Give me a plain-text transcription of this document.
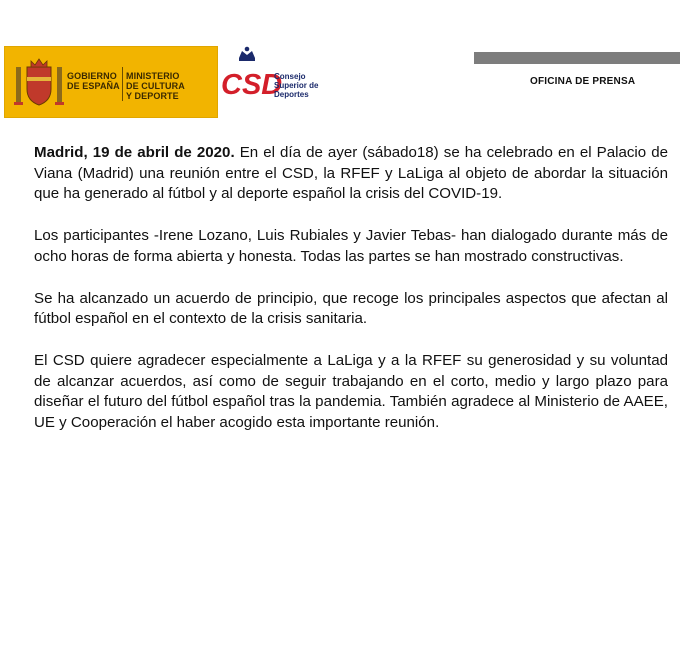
GOBIERNO
DE ESPAÑA
MINISTERIO
DE CULTURA
Y DEPORTE CSD
Consejo
Superior de
Deportes
OFICINA DE PRENSA

Madrid, 19 de abril de 2020. En el día de ayer (sábado18) se ha celebrado en el Palacio de Viana (Madrid) una reunión entre el CSD, la RFEF y LaLiga al objeto de abordar la situación que ha generado al fútbol y al deporte español la crisis del COVID-19.

Los participantes -Irene Lozano, Luis Rubiales y Javier Tebas- han dialogado durante más de ocho horas de forma abierta y honesta. Todas las partes se han mostrado constructivas.

Se ha alcanzado un acuerdo de principio, que recoge los principales aspectos que afectan al fútbol español en el contexto de la crisis sanitaria.

El CSD quiere agradecer especialmente a LaLiga y a la RFEF su generosidad y su voluntad de alcanzar acuerdos, así como de seguir trabajando en el corto, medio y largo plazo para diseñar el futuro del fútbol español tras la pandemia. También agradece al Ministerio de AAEE, UE y Cooperación el haber acogido esta importante reunión.
